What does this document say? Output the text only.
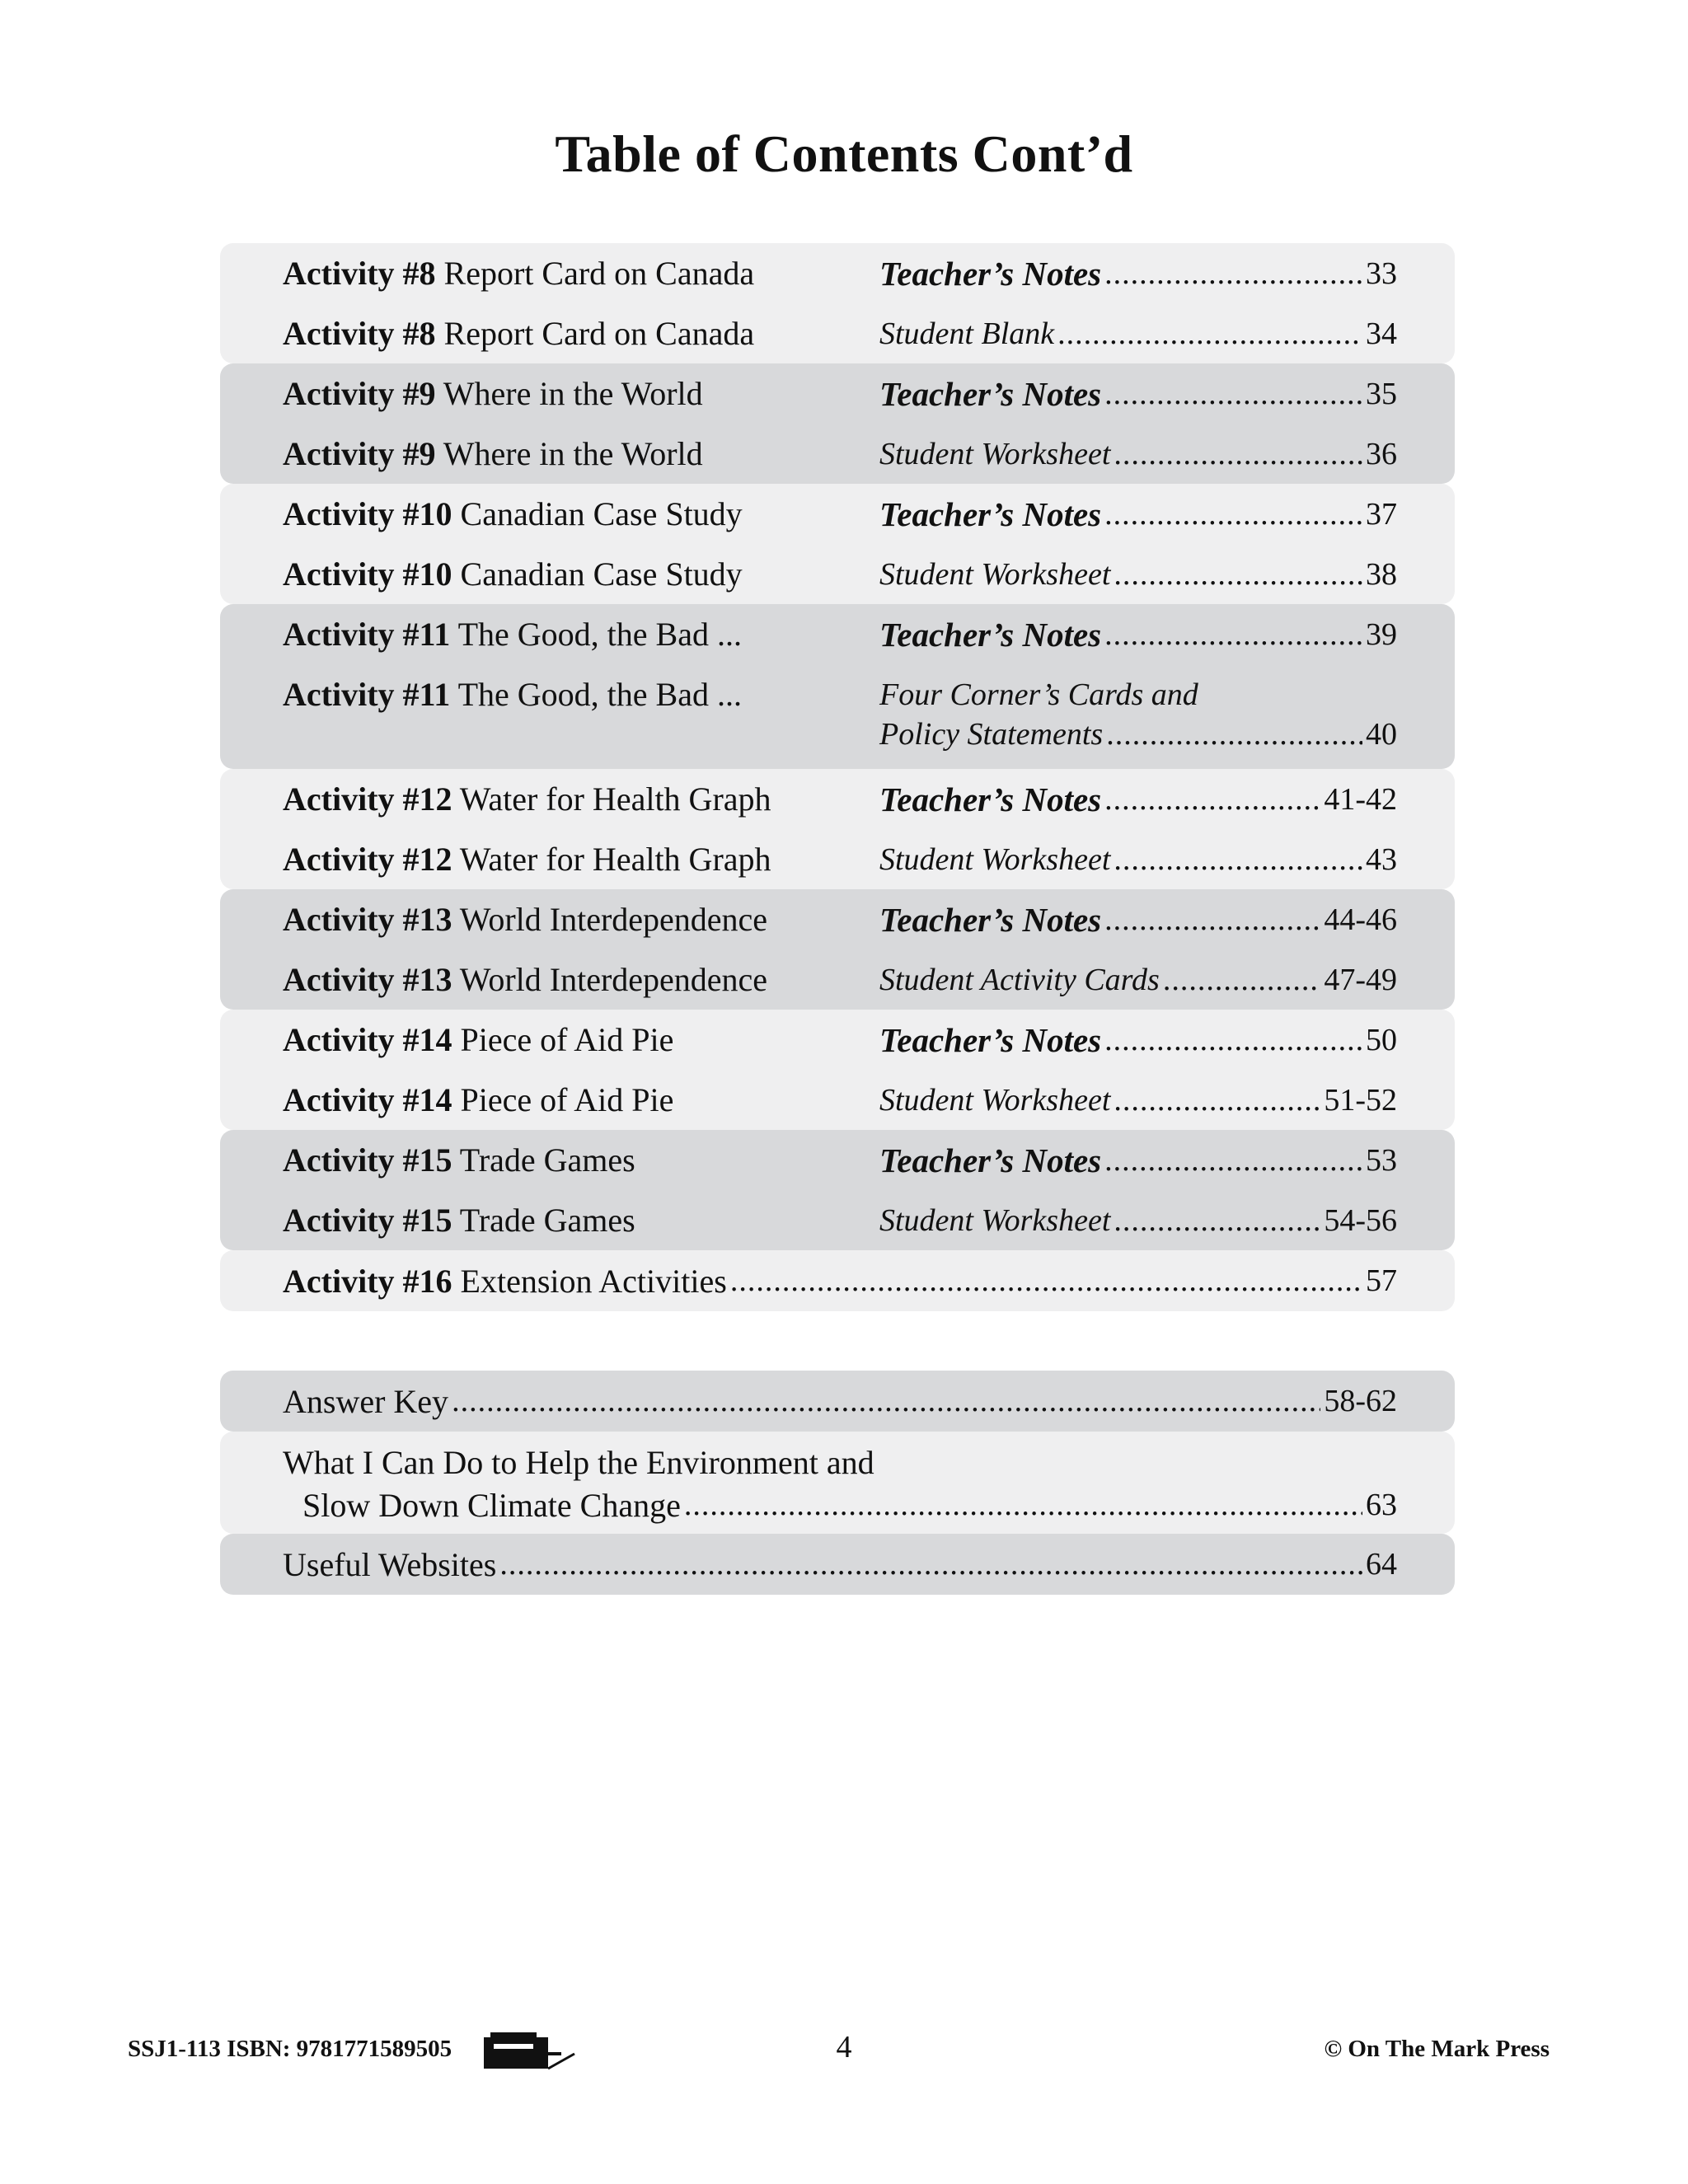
Table of Contents Cont’d
Activity #8 Report Card on Canada	Teacher’s Notes .....	33
Activity #8 Report Card on Canada	Student Blank .....	34
Activity #9 Where in the World	Teacher’s Notes .....	35
Activity #9 Where in the World	Student Worksheet .....	36
Activity #10 Canadian Case Study	Teacher’s Notes .....	37
Activity #10 Canadian Case Study	Student Worksheet .....	38
Activity #11 The Good, the Bad ...	Teacher’s Notes .....	39
Activity #11 The Good, the Bad ...	Four Corner’s Cards and
Policy Statements .....	40
Activity #12 Water for Health Graph	Teacher’s Notes .....	41-42
Activity #12 Water for Health Graph	Student Worksheet .....	43
Activity #13 World Interdependence	Teacher’s Notes .....	44-46
Activity #13 World Interdependence	Student Activity Cards .....	47-49
Activity #14 Piece of Aid Pie	Teacher’s Notes .....	50
Activity #14 Piece of Aid Pie	Student Worksheet .....	51-52
Activity #15 Trade Games	Teacher’s Notes .....	53
Activity #15 Trade Games	Student Worksheet .....	54-56
Activity #16 Extension Activities .....	57
Answer Key .....	58-62
What I Can Do to Help the Environment and
Slow Down Climate Change .....	63
Useful Websites .....	64
SSJ1-113 ISBN: 9781771589505	4	© On The Mark Press
